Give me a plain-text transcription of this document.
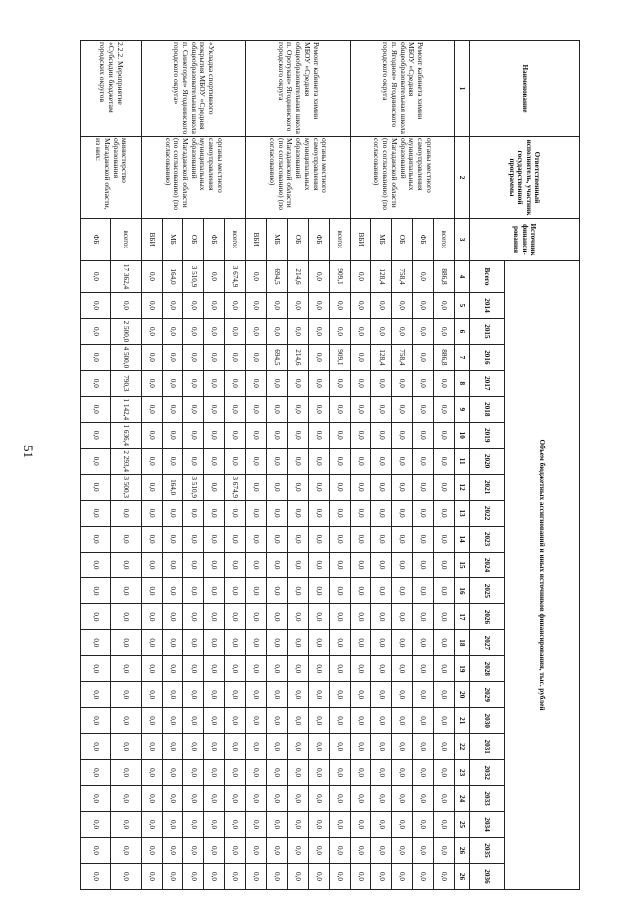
51
Наименование	Ответственный исполнитель, участник государственной программы	Источник финанси-рования	Объем бюджетных ассигнований и иных источников финансирования, тыс. рублей																							
			Всего	2014	2015	2016	2017	2018	2019	2020	2021	2022	2023	2024	2025	2026	2027	2028	2029	2030	2031	2032	2033	2034	2035	2036
1	2	3	4	5	6	7	8	9	10	11	12	13	14	15	16	17	18	19	20	21	22	23	24	25	26	26
Ремонт кабинета химии МБОУ «Средняя общеобразовательная школа п. Ягодное» Ягоднинского городского округа	органы местного самоуправления муниципальных образований Магаданской области (по согласованию) (по согласованию)	всего:	886,8	0,0	0,0	886,8	0,0	0,0	0,0	0,0	0,0	0,0	0,0	0,0	0,0	0,0	0,0	0,0	0,0	0,0	0,0	0,0	0,0	0,0	0,0	0,0
		ФБ	0,0	0,0	0,0	0,0	0,0	0,0	0,0	0,0	0,0	0,0	0,0	0,0	0,0	0,0	0,0	0,0	0,0	0,0	0,0	0,0	0,0	0,0	0,0	0,0
		ОБ	758,4	0,0	0,0	758,4	0,0	0,0	0,0	0,0	0,0	0,0	0,0	0,0	0,0	0,0	0,0	0,0	0,0	0,0	0,0	0,0	0,0	0,0	0,0	0,0
		МБ	128,4	0,0	0,0	128,4	0,0	0,0	0,0	0,0	0,0	0,0	0,0	0,0	0,0	0,0	0,0	0,0	0,0	0,0	0,0	0,0	0,0	0,0	0,0	0,0
		ВБИ	0,0	0,0	0,0	0,0	0,0	0,0	0,0	0,0	0,0	0,0	0,0	0,0	0,0	0,0	0,0	0,0	0,0	0,0	0,0	0,0	0,0	0,0	0,0	0,0
Ремонт кабинета химии МБОУ «Средняя общеобразовательная школа п. Оротукан» Ягоднинского городского округа	органы местного самоуправления муниципальных образований Магаданской области (по согласованию) (по согласованию)	всего:	909,1	0,0	0,0	909,1	0,0	0,0	0,0	0,0	0,0	0,0	0,0	0,0	0,0	0,0	0,0	0,0	0,0	0,0	0,0	0,0	0,0	0,0	0,0	0,0
		ФБ	0,0	0,0	0,0	0,0	0,0	0,0	0,0	0,0	0,0	0,0	0,0	0,0	0,0	0,0	0,0	0,0	0,0	0,0	0,0	0,0	0,0	0,0	0,0	0,0
		ОБ	214,6	0,0	0,0	214,6	0,0	0,0	0,0	0,0	0,0	0,0	0,0	0,0	0,0	0,0	0,0	0,0	0,0	0,0	0,0	0,0	0,0	0,0	0,0	0,0
		МБ	694,5	0,0	0,0	694,5	0,0	0,0	0,0	0,0	0,0	0,0	0,0	0,0	0,0	0,0	0,0	0,0	0,0	0,0	0,0	0,0	0,0	0,0	0,0	0,0
		ВБИ	0,0	0,0	0,0	0,0	0,0	0,0	0,0	0,0	0,0	0,0	0,0	0,0	0,0	0,0	0,0	0,0	0,0	0,0	0,0	0,0	0,0	0,0	0,0	0,0
«Укладка спортивного покрытия МБОУ «Средняя общеобразовательная школа п. Синегорье» Ягоднинского городского округа»	органы местного самоуправления муниципальных образований Магаданской области (по согласованию) (по согласованию)	всего:	3 674,9	0,0	0,0	0,0	0,0	0,0	0,0	0,0	3 674,9	0,0	0,0	0,0	0,0	0,0	0,0	0,0	0,0	0,0	0,0	0,0	0,0	0,0	0,0	0,0
		ФБ	0,0	0,0	0,0	0,0	0,0	0,0	0,0	0,0	0,0	0,0	0,0	0,0	0,0	0,0	0,0	0,0	0,0	0,0	0,0	0,0	0,0	0,0	0,0	0,0
		ОБ	3 510,9	0,0	0,0	0,0	0,0	0,0	0,0	0,0	3 510,9	0,0	0,0	0,0	0,0	0,0	0,0	0,0	0,0	0,0	0,0	0,0	0,0	0,0	0,0	0,0
		МБ	164,0	0,0	0,0	0,0	0,0	0,0	0,0	0,0	164,0	0,0	0,0	0,0	0,0	0,0	0,0	0,0	0,0	0,0	0,0	0,0	0,0	0,0	0,0	0,0
		ВБИ	0,0	0,0	0,0	0,0	0,0	0,0	0,0	0,0	0,0	0,0	0,0	0,0	0,0	0,0	0,0	0,0	0,0	0,0	0,0	0,0	0,0	0,0	0,0	0,0
2.2.2. Мероприятие «Субсидии бюджетам городских округов	министерство образования Магаданской области, из них:	всего:	17 362,4	0,0	2 500,0	4 500,0	790,3	1 142,4	1 636,4	2 293,4	3 500,3	0,0	0,0	0,0	0,0	0,0	0,0	0,0	0,0	0,0	0,0	0,0	0,0	0,0	0,0	0,0
		ФБ	0,0	0,0	0,0	0,0	0,0	0,0	0,0	0,0	0,0	0,0	0,0	0,0	0,0	0,0	0,0	0,0	0,0	0,0	0,0	0,0	0,0	0,0	0,0	0,0
